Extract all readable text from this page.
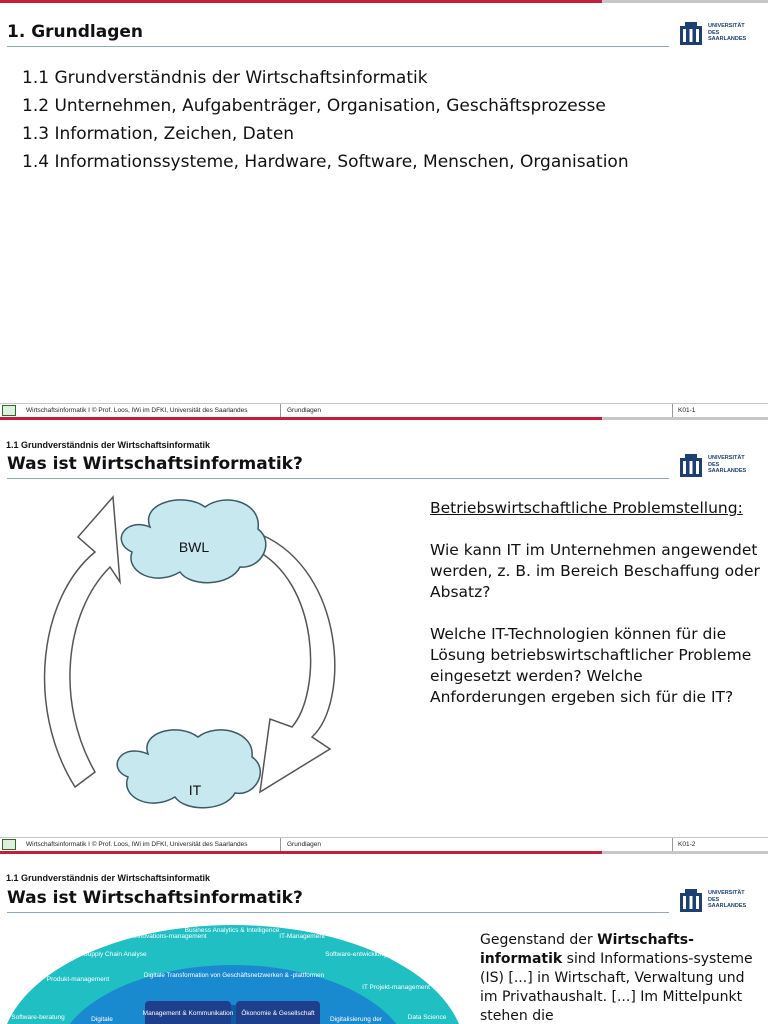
1. Grundlagen	UNIVERSITÄT
DES
SAARLANDES
1.1 Grundverständnis der Wirtschaftsinformatik
1.2 Unternehmen, Aufgabenträger, Organisation, Geschäftsprozesse
1.3 Information, Zeichen, Daten
1.4 Informationssysteme, Hardware, Software, Menschen, Organisation
Wirtschaftsinformatik I © Prof. Loos, IWi im DFKI, Universität des Saarlandes	Grundlagen	K01-1
1.1 Grundverständnis der Wirtschaftsinformatik
Was ist Wirtschaftsinformatik?	UNIVERSITÄT
DES
SAARLANDES
BWL
IT

Betriebswirtschaftliche Problemstellung:

Wie kann IT im Unternehmen angewendet werden, z. B. im Bereich Beschaffung oder Absatz?

Welche IT-Technologien können für die Lösung betriebswirtschaftlicher Probleme eingesetzt werden? Welche Anforderungen ergeben sich für die IT?

Wirtschaftsinformatik I © Prof. Loos, IWi im DFKI, Universität des Saarlandes	Grundlagen	K01-2
1.1 Grundverständnis der Wirtschaftsinformatik
Was ist Wirtschaftsinformatik?	UNIVERSITÄT
DES
SAARLANDES
Innovations-management
Business Analytics & Intelligence
IT-Management
Supply Chain Analyse	Software-entwicklung
Produkt-management
IT Projekt-management
Software-beratung	Data Science
Digitale Transformation von Geschäftsnetzwerken & -plattformen
Digitale	Digitalisierung der
Management & Kommunikation Ökonomie & Gesellschaft
Gegenstand der Wirtschafts-informatik sind Informations-systeme (IS) [...] in Wirtschaft, Verwaltung und im Privathaushalt. [...] Im Mittelpunkt stehen die
